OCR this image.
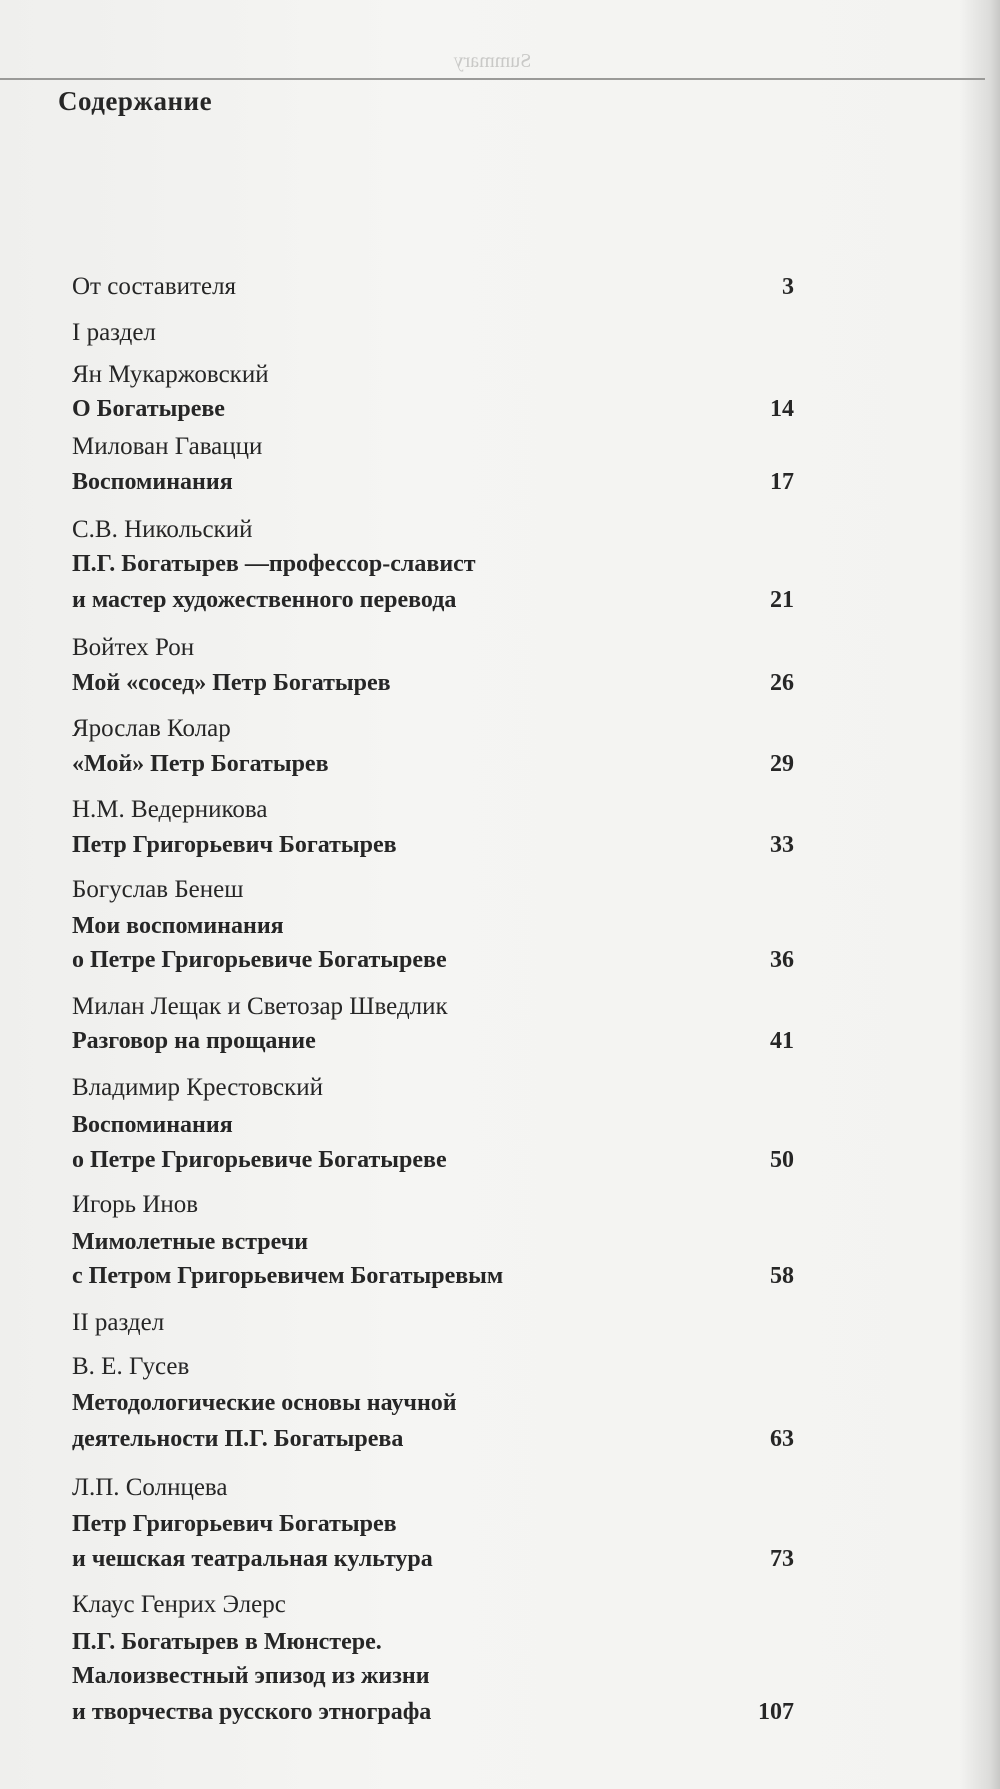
Summary
Содержание
От составителя	3
I раздел
Ян Мукаржовский
О Богатыреве	14
Милован Гавацци
Воспоминания	17
С.В. Никольский
П.Г. Богатырев —профессор-славист
и мастер художественного перевода	21
Войтех Рон
Мой «сосед» Петр Богатырев	26
Ярослав Колар
«Мой» Петр Богатырев	29
Н.М. Ведерникова
Петр Григорьевич Богатырев	33
Богуслав Бенеш
Мои воспоминания
о Петре Григорьевиче Богатыреве	36
Милан Лещак и Светозар Шведлик
Разговор на прощание	41
Владимир Крестовский
Воспоминания
о Петре Григорьевиче Богатыреве	50
Игорь Инов
Мимолетные встречи
с Петром Григорьевичем Богатыревым	58
II раздел
В. Е. Гусев
Методологические основы научной
деятельности П.Г. Богатырева	63
Л.П. Солнцева
Петр Григорьевич Богатырев
и чешская театральная культура	73
Клаус Генрих Элерс
П.Г. Богатырев в Мюнстере.
Малоизвестный эпизод из жизни
и творчества русского этнографа	107
